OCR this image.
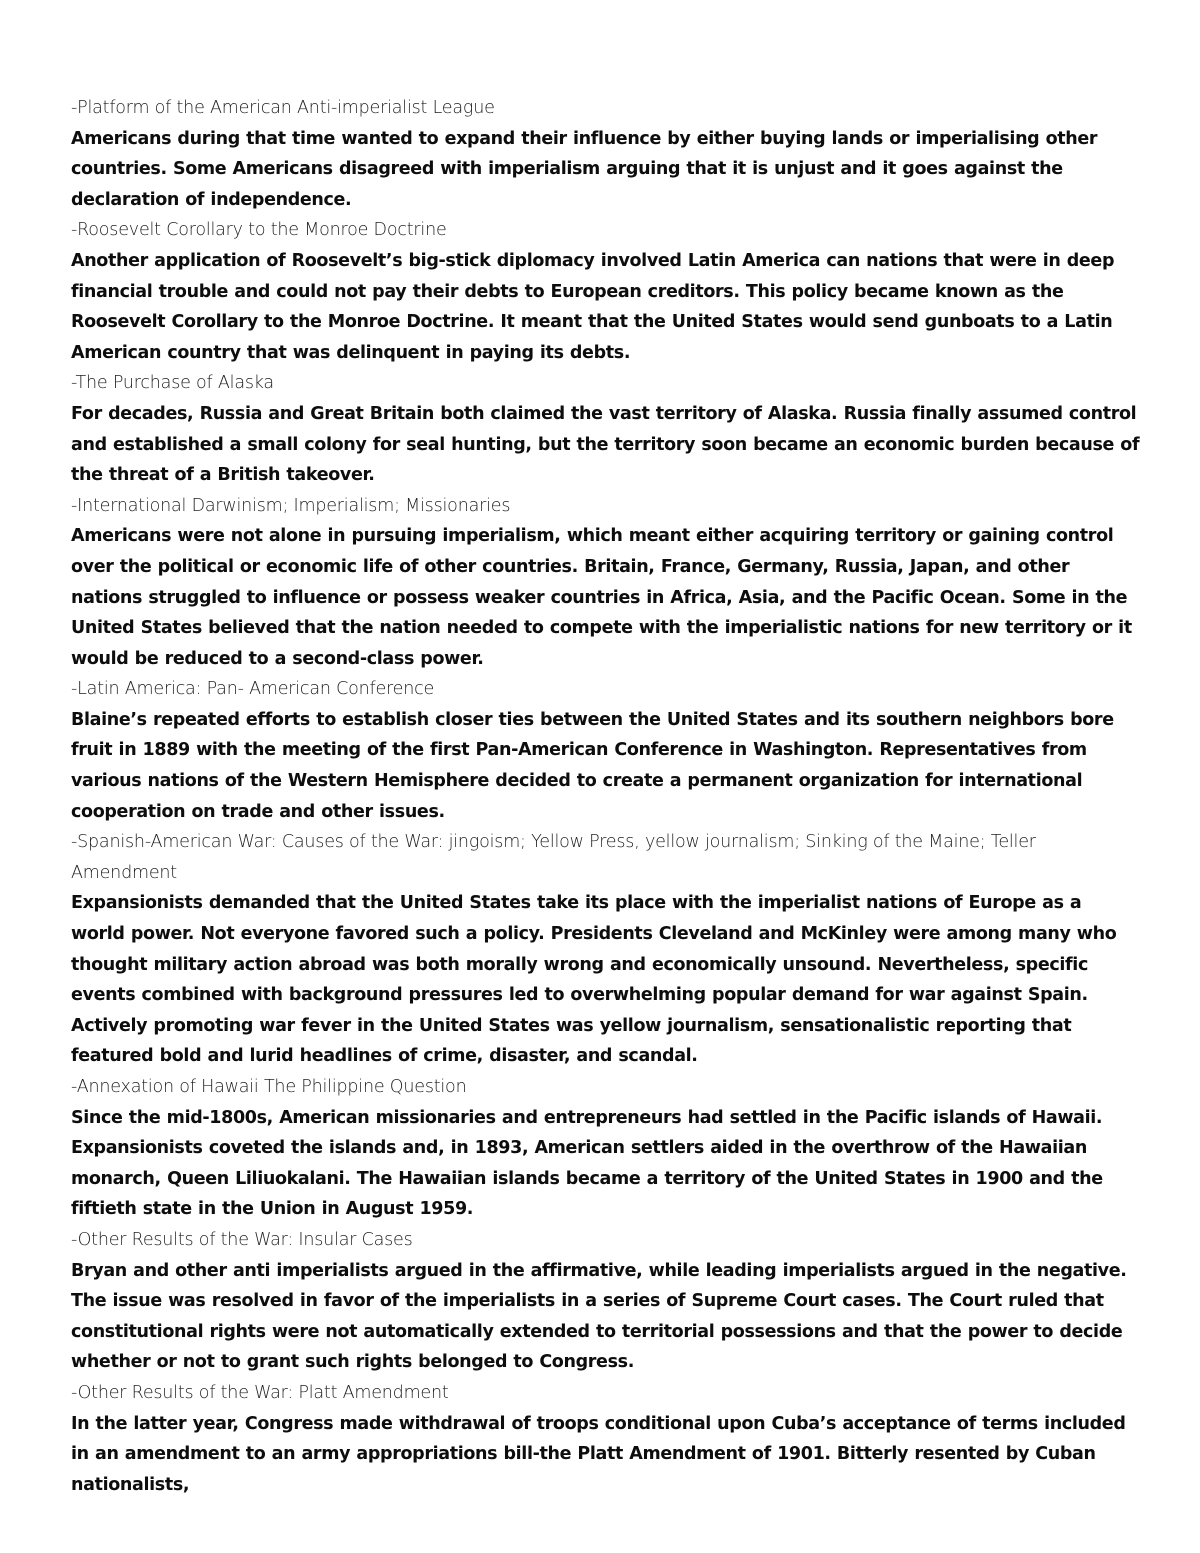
-Platform of the American Anti-imperialist League

Americans during that time wanted to expand their influence by either buying lands or imperialising other countries. Some Americans disagreed with imperialism arguing that it is unjust and it goes against the declaration of independence.

-Roosevelt Corollary to the Monroe Doctrine

Another application of Roosevelt’s big-stick diplomacy involved Latin America can nations that were in deep financial trouble and could not pay their debts to European creditors. This policy became known as the Roosevelt Corollary to the Monroe Doctrine. It meant that the United States would send gunboats to a Latin American country that was delinquent in paying its debts.

-The Purchase of Alaska

For decades, Russia and Great Britain both claimed the vast territory of Alaska. Russia finally assumed control and established a small colony for seal hunting, but the territory soon became an economic burden because of the threat of a British takeover.

-International Darwinism; Imperialism; Missionaries

Americans were not alone in pursuing imperialism, which meant either acquiring territory or gaining control over the political or economic life of other countries. Britain, France, Germany, Russia, Japan, and other nations struggled to influence or possess weaker countries in Africa, Asia, and the Pacific Ocean. Some in the United States believed that the nation needed to compete with the imperialistic nations for new territory or it would be reduced to a second-class power.

-Latin America: Pan- American Conference

Blaine’s repeated efforts to establish closer ties between the United States and its southern neighbors bore fruit in 1889 with the meeting of the first Pan-American Conference in Washington. Representatives from various nations of the Western Hemisphere decided to create a permanent organization for international cooperation on trade and other issues.

-Spanish-American War: Causes of the War: jingoism; Yellow Press, yellow journalism; Sinking of the Maine; Teller Amendment

Expansionists demanded that the United States take its place with the imperialist nations of Europe as a world power. Not everyone favored such a policy. Presidents Cleveland and McKinley were among many who thought military action abroad was both morally wrong and economically unsound. Nevertheless, specific events combined with background pressures led to overwhelming popular demand for war against Spain. Actively promoting war fever in the United States was yellow journalism, sensationalistic reporting that featured bold and lurid headlines of crime, disaster, and scandal.

-Annexation of Hawaii The Philippine Question

Since the mid-1800s, American missionaries and entrepreneurs had settled in the Pacific islands of Hawaii. Expansionists coveted the islands and, in 1893, American settlers aided in the overthrow of the Hawaiian monarch, Queen Liliuokalani. The Hawaiian islands became a territory of the United States in 1900 and the fiftieth state in the Union in August 1959.

-Other Results of the War: Insular Cases

Bryan and other anti imperialists argued in the affirmative, while leading imperialists argued in the negative. The issue was resolved in favor of the imperialists in a series of Supreme Court cases. The Court ruled that constitutional rights were not automatically extended to territorial possessions and that the power to decide whether or not to grant such rights belonged to Congress.

-Other Results of the War: Platt Amendment

In the latter year, Congress made withdrawal of troops conditional upon Cuba’s acceptance of terms included in an amendment to an army appropriations bill-the Platt Amendment of 1901. Bitterly resented by Cuban nationalists,
